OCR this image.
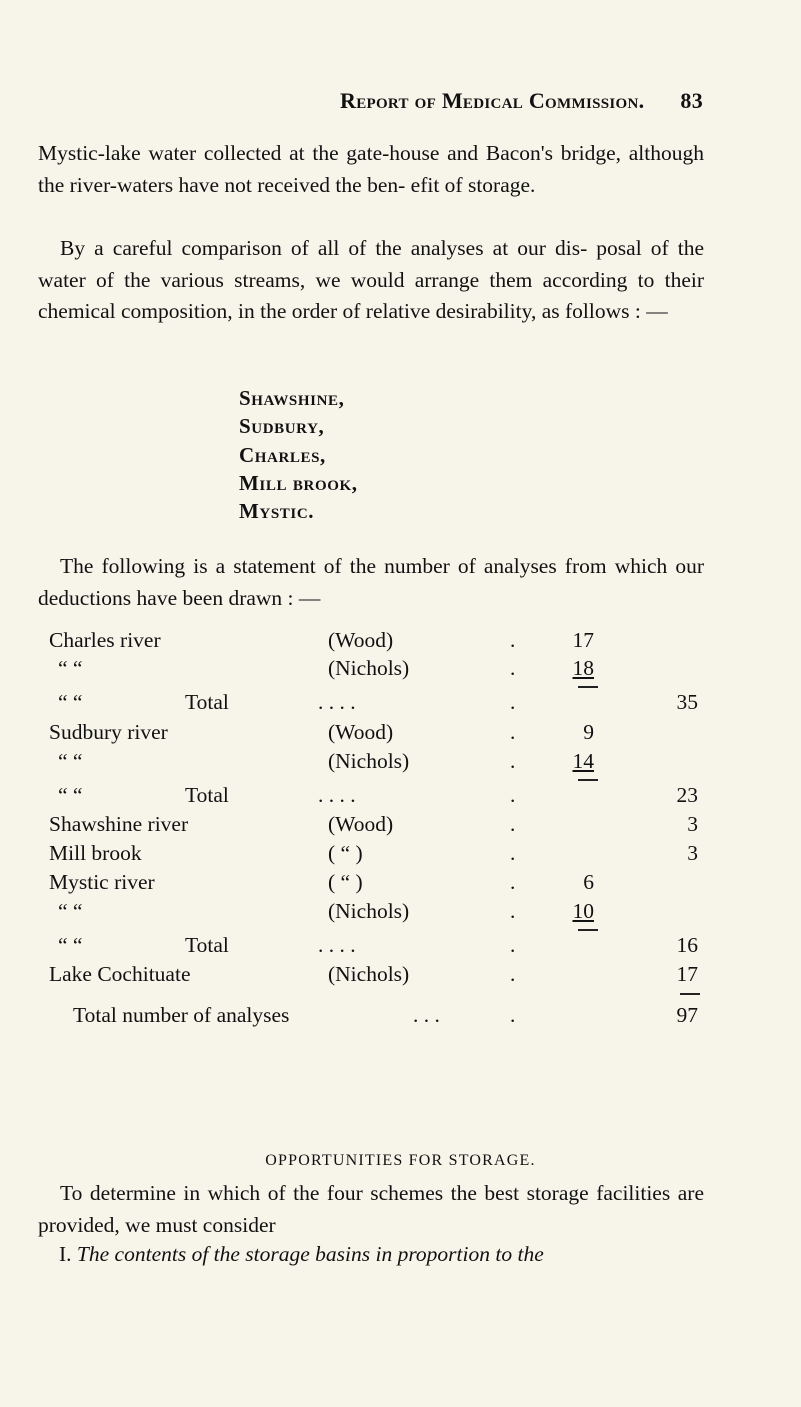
Report of Medical Commission. 83
Mystic-lake water collected at the gate-house and Bacon's bridge, although the river-waters have not received the ben- efit of storage.
By a careful comparison of all of the analyses at our dis- posal of the water of the various streams, we would arrange them according to their chemical composition, in the order of relative desirability, as follows : —
Shawshine,
Sudbury,
Charles,
Mill brook,
Mystic.
The following is a statement of the number of analyses from which our deductions have been drawn : —
Charles river	(Wood)	.	17
“ “	(Nichols)	.	18
“ “	Total	. . . .	.	35
Sudbury river	(Wood)	.	9
“ “	(Nichols)	.	14
“ “	Total	. . . .	.	23
Shawshine river	(Wood)	.	3
Mill brook	( “ )	.	3
Mystic river	( “ )	.	6
“ “	(Nichols)	.	10
“ “	Total	. . . .	.	16
Lake Cochituate	(Nichols)	.	17
Total number of analyses	. . .	.	97
OPPORTUNITIES FOR STORAGE.
To determine in which of the four schemes the best storage facilities are provided, we must consider
I. The contents of the storage basins in proportion to the
